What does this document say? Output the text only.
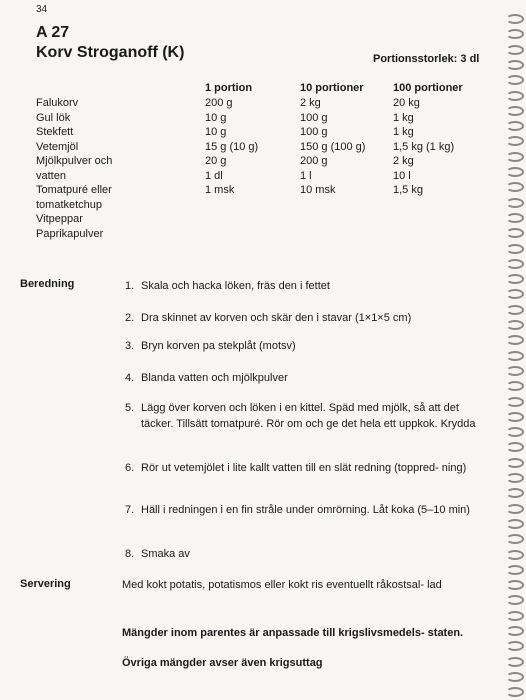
34
A 27
Korv Stroganoff (K)	Portionsstorlek: 3 dl
1 portion	10 portioner	100 portioner
Falukorv	200 g	2 kg	20 kg
Gul lök	10 g	100 g	1 kg
Stekfett	10 g	100 g	1 kg
Vetemjöl	15 g (10 g)	150 g (100 g)	1,5 kg (1 kg)
Mjölkpulver och	20 g	200 g	2 kg
vatten	1 dl	1 l	10 l
Tomatpuré eller	1 msk	10 msk	1,5 kg
tomatketchup
Vitpeppar
Paprikapulver
Beredning	1. Skala och hacka löken, fräs den i fettet
2. Dra skinnet av korven och skär den i stavar (1×1×5 cm)
3. Bryn korven pa stekplåt (motsv)
4. Blanda vatten och mjölkpulver
5. Lägg över korven och löken i en kittel. Späd med mjölk, så att det täcker. Tillsätt tomatpuré. Rör om och ge det hela ett uppkok. Krydda
6. Rör ut vetemjölet i lite kallt vatten till en slät redning (toppred- ning)
7. Häll i redningen i en fin stråle under omrörning. Låt koka (5–10 min)
8. Smaka av
Servering	Med kokt potatis, potatismos eller kokt ris eventuellt råkostsal- lad
Mängder inom parentes är anpassade till krigslivsmedels- staten.
Övriga mängder avser även krigsuttag
